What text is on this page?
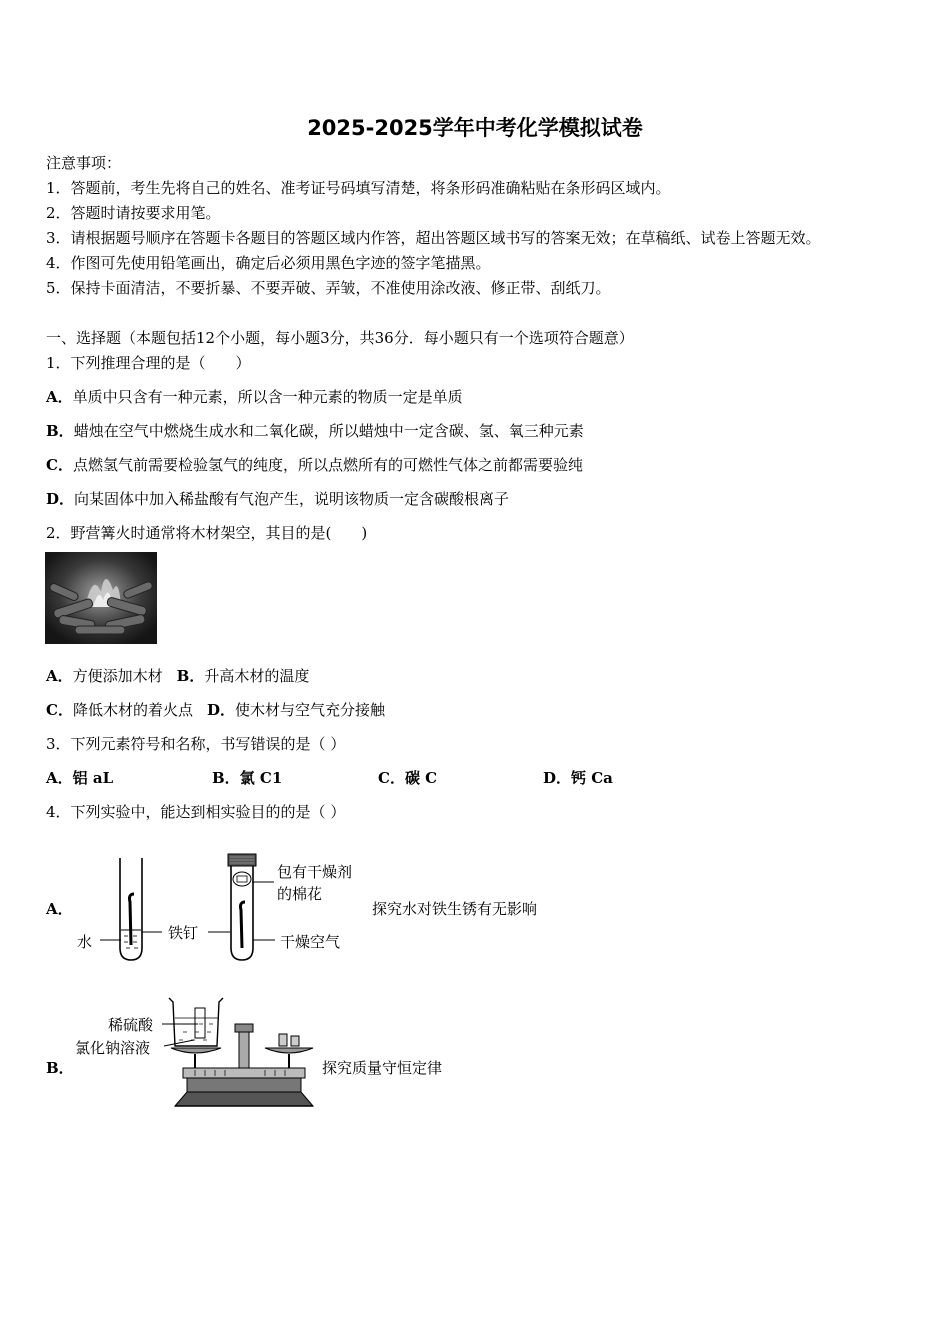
2025-2025学年中考化学模拟试卷
注意事项：
1．答题前，考生先将自己的姓名、准考证号码填写清楚，将条形码准确粘贴在条形码区域内。
2．答题时请按要求用笔。
3．请根据题号顺序在答题卡各题目的答题区域内作答，超出答题区域书写的答案无效；在草稿纸、试卷上答题无效。
4．作图可先使用铅笔画出，确定后必须用黑色字迹的签字笔描黑。
5．保持卡面清洁，不要折暴、不要弄破、弄皱，不准使用涂改液、修正带、刮纸刀。
一、选择题（本题包括12个小题，每小题3分，共36分．每小题只有一个选项符合题意）
1．下列推理合理的是（　　）
A．单质中只含有一种元素，所以含一种元素的物质一定是单质
B．蜡烛在空气中燃烧生成水和二氧化碳，所以蜡烛中一定含碳、氢、氧三种元素
C．点燃氢气前需要检验氢气的纯度，所以点燃所有的可燃性气体之前都需要验纯
D．向某固体中加入稀盐酸有气泡产生，说明该物质一定含碳酸根离子
2．野营篝火时通常将木材架空，其目的是(　　)
A．方便添加木材 B．升高木材的温度
C．降低木材的着火点 D．使木材与空气充分接触
3．下列元素符号和名称，书写错误的是（ ）
A．铝 aL	B．氯 C1	C．碳 C	D．钙 Ca
4．下列实验中，能达到相实验目的的是（ ）
A．
水	铁钉
包有干燥剂
的棉花
干燥空气
探究水对铁生锈有无影响
B．
稀硫酸
氯化钠溶液
探究质量守恒定律
